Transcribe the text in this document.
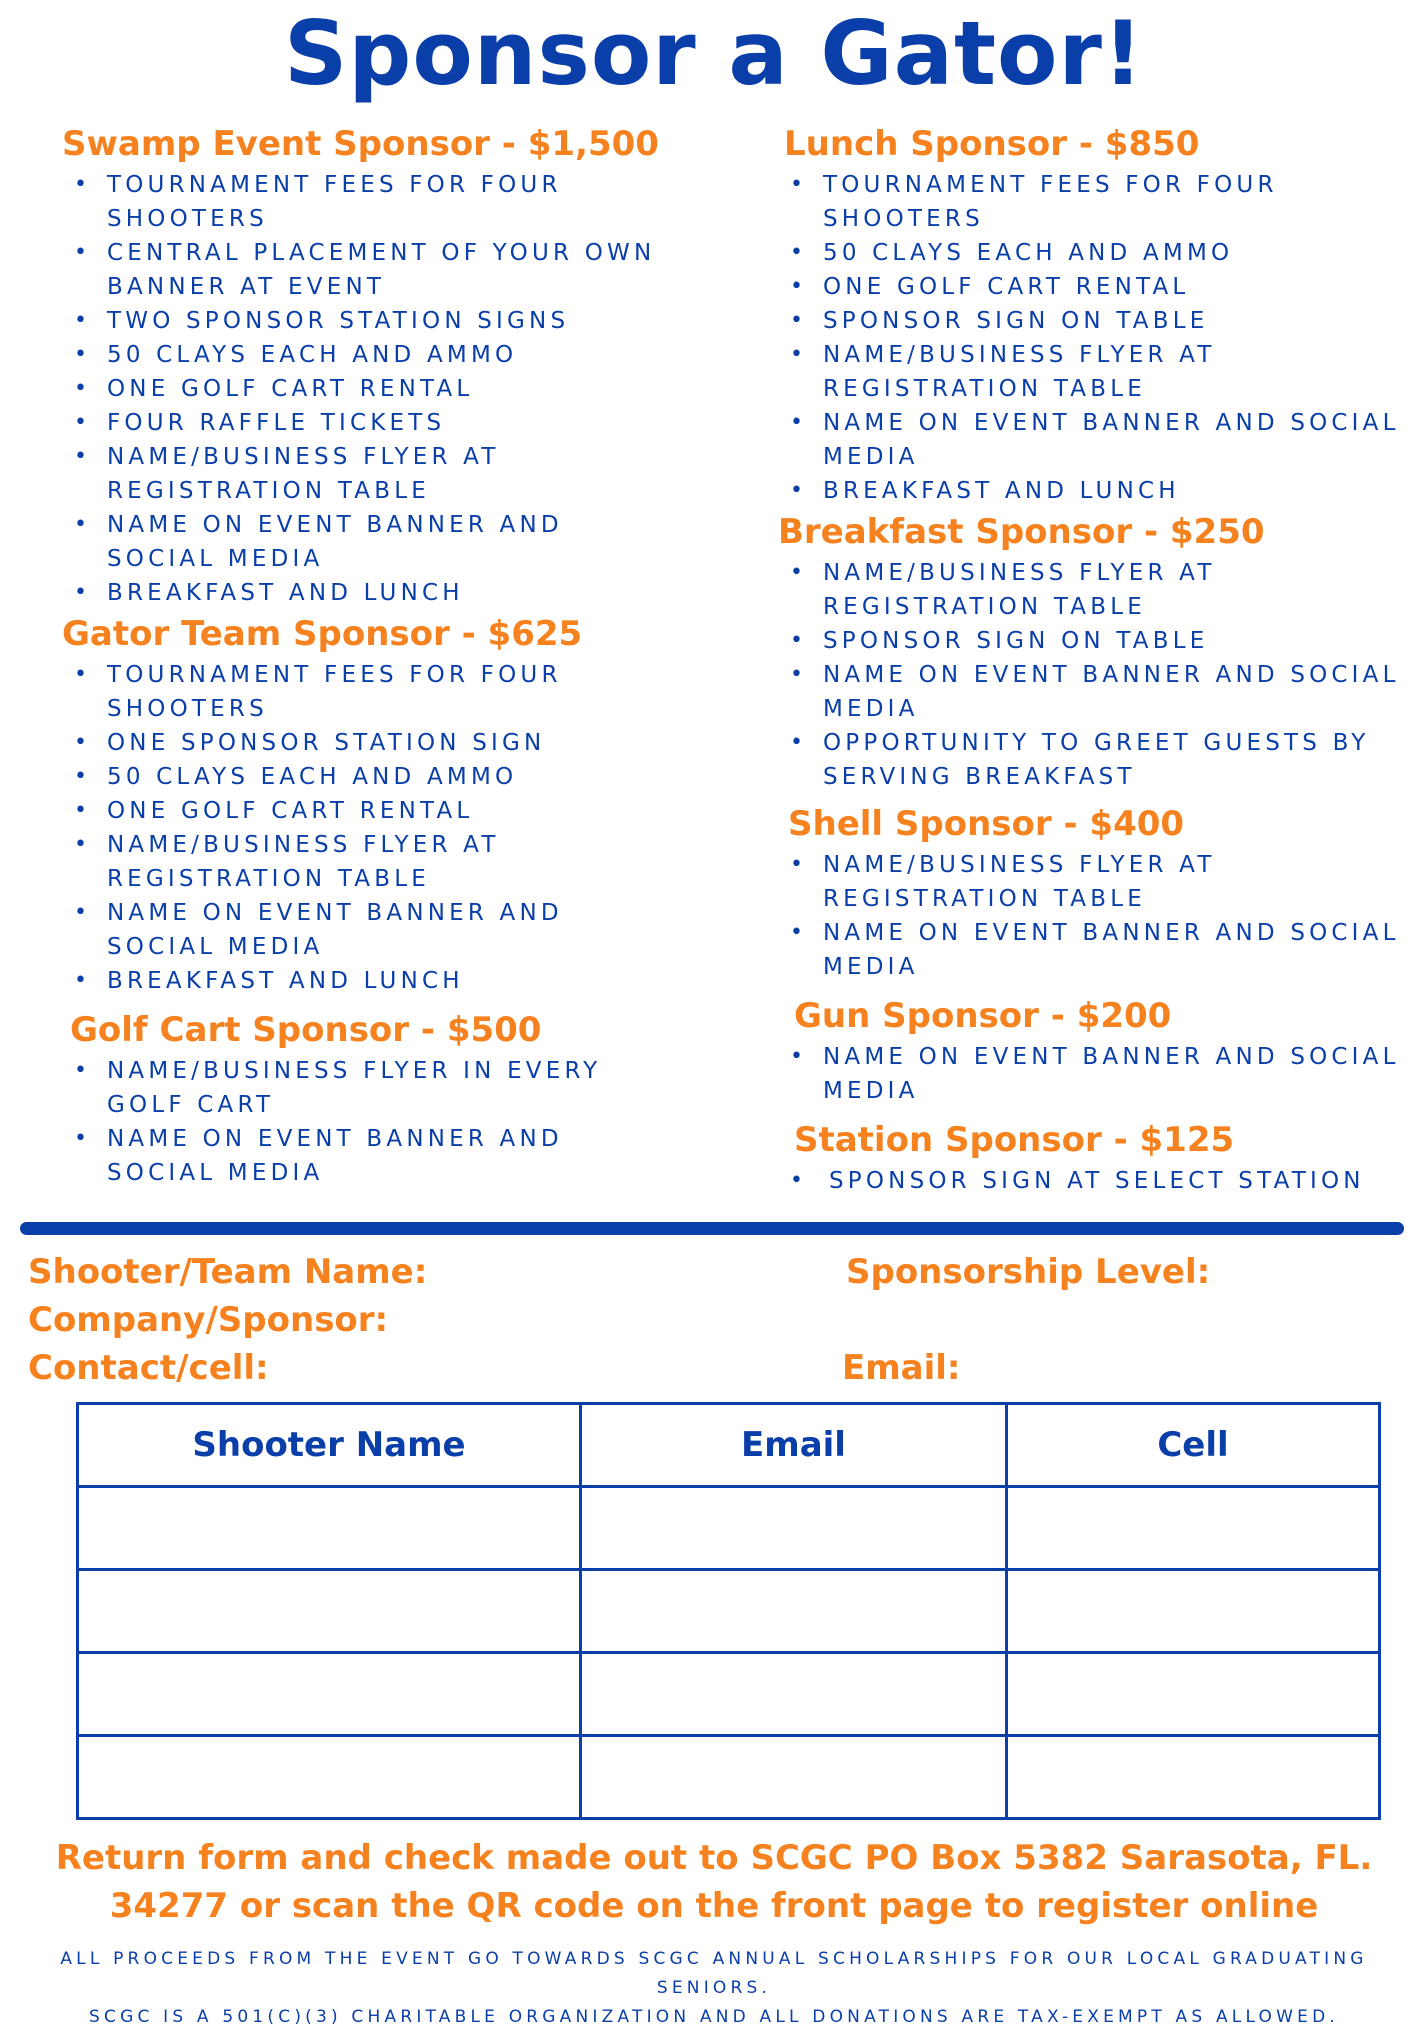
Sponsor a Gator!
Swamp Event Sponsor - $1,500
• TOURNAMENT FEES FOR FOUR SHOOTERS
• CENTRAL PLACEMENT OF YOUR OWN BANNER AT EVENT
• TWO SPONSOR STATION SIGNS
• 50 CLAYS EACH AND AMMO
• ONE GOLF CART RENTAL
• FOUR RAFFLE TICKETS
• NAME/BUSINESS FLYER AT REGISTRATION TABLE
• NAME ON EVENT BANNER AND SOCIAL MEDIA
• BREAKFAST AND LUNCH
Gator Team Sponsor - $625
• TOURNAMENT FEES FOR FOUR SHOOTERS
• ONE SPONSOR STATION SIGN
• 50 CLAYS EACH AND AMMO
• ONE GOLF CART RENTAL
• NAME/BUSINESS FLYER AT REGISTRATION TABLE
• NAME ON EVENT BANNER AND SOCIAL MEDIA
• BREAKFAST AND LUNCH
Golf Cart Sponsor - $500
• NAME/BUSINESS FLYER IN EVERY GOLF CART
• NAME ON EVENT BANNER AND SOCIAL MEDIA
Lunch Sponsor - $850
• TOURNAMENT FEES FOR FOUR SHOOTERS
• 50 CLAYS EACH AND AMMO
• ONE GOLF CART RENTAL
• SPONSOR SIGN ON TABLE
• NAME/BUSINESS FLYER AT REGISTRATION TABLE
• NAME ON EVENT BANNER AND SOCIAL MEDIA
• BREAKFAST AND LUNCH
Breakfast Sponsor - $250
• NAME/BUSINESS FLYER AT REGISTRATION TABLE
• SPONSOR SIGN ON TABLE
• NAME ON EVENT BANNER AND SOCIAL MEDIA
• OPPORTUNITY TO GREET GUESTS BY SERVING BREAKFAST
Shell Sponsor - $400
• NAME/BUSINESS FLYER AT REGISTRATION TABLE
• NAME ON EVENT BANNER AND SOCIAL MEDIA
Gun Sponsor - $200
• NAME ON EVENT BANNER AND SOCIAL MEDIA
Station Sponsor - $125
• SPONSOR SIGN AT SELECT STATION
Shooter/Team Name:	Sponsorship Level:
Company/Sponsor:
Contact/cell:	Email:
Shooter Name	Email	Cell

Return form and check made out to SCGC PO Box 5382 Sarasota, FL. 34277 or scan the QR code on the front page to register online
ALL PROCEEDS FROM THE EVENT GO TOWARDS SCGC ANNUAL SCHOLARSHIPS FOR OUR LOCAL GRADUATING SENIORS.
SCGC IS A 501(C)(3) CHARITABLE ORGANIZATION AND ALL DONATIONS ARE TAX-EXEMPT AS ALLOWED.
